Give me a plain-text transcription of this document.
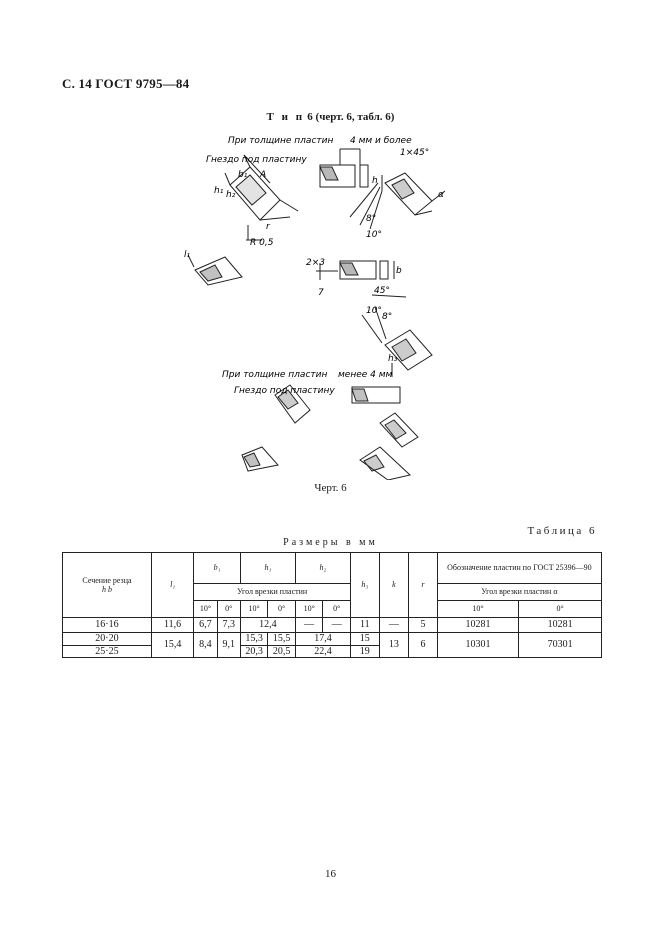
С. 14 ГОСТ 9795—84
Т и п 6 (черт. 6, табл. 6)
При толщине пластин 4 мм и более
Гнездо под пластину
1×45°
b₁ A
h₁ h₂
h
α
8°
10°
R 0,5
r
l₁
2×3
7
b
45°
10°
8°
h₃
При толщине пластин менее 4 мм
Гнездо под пластину
Черт. 6
Таблица 6
Размеры в мм
Сечение резца
h b	l₁	b₁		h₁		h₂		h₃	k	r	Обозначение пластин по ГОСТ 25396—90	
		Угол врезки пластин									Угол врезки пластин α	
		10°	0°	10°	0°	10°	0°				10°	0°
16·16	11,6	6,7	7,3	12,4		—	—	11	—	5	10281	10281
20·20	15,4	8,4	9,1	15,3	15,5	17,4		15	13	6	10301	70301
25·25				20,3	20,5	22,4		19				
16
